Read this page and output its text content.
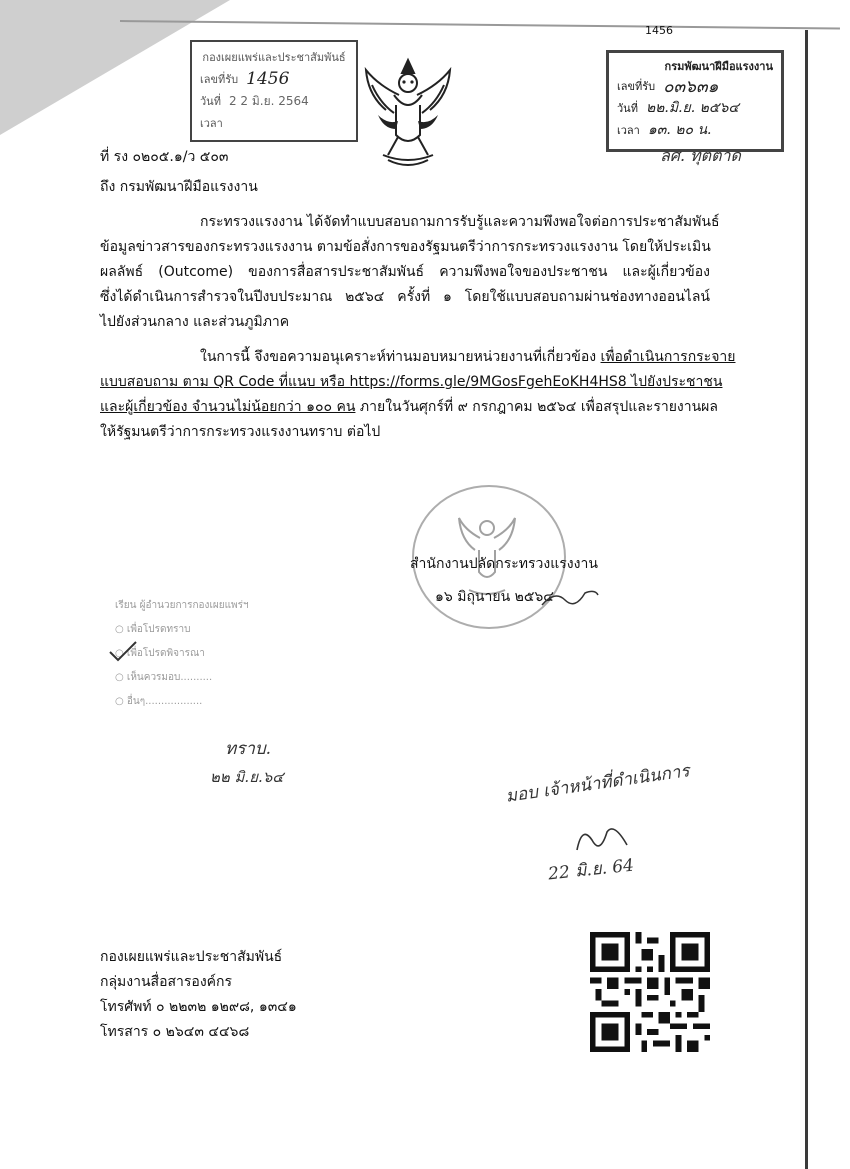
1456
กองเผยแพร่และประชาสัมพันธ์
เลขที่รับ 1456
วันที่ 2 2 มิ.ย. 2564
เวลา
กรมพัฒนาฝีมือแรงงาน
เลขที่รับ ๐๓๖๓๑
วันที่ ๒๒.มิ.ย. ๒๕๖๔
เวลา ๑๓. ๒๐ น.
ลศ. ทุตตาด
ที่ รง ๐๒๐๕.๑/ว ๕๐๓
ถึง กรมพัฒนาฝีมือแรงงาน
กระทรวงแรงงาน ได้จัดทำแบบสอบถามการรับรู้และความพึงพอใจต่อการประชาสัมพันธ์
ข้อมูลข่าวสารของกระทรวงแรงงาน ตามข้อสั่งการของรัฐมนตรีว่าการกระทรวงแรงงาน โดยให้ประเมิน
ผลลัพธ์ (Outcome) ของการสื่อสารประชาสัมพันธ์ ความพึงพอใจของประชาชน และผู้เกี่ยวข้อง
ซึ่งได้ดำเนินการสำรวจในปีงบประมาณ ๒๕๖๔ ครั้งที่ ๑ โดยใช้แบบสอบถามผ่านช่องทางออนไลน์
ไปยังส่วนกลาง และส่วนภูมิภาค
ในการนี้ จึงขอความอนุเคราะห์ท่านมอบหมายหน่วยงานที่เกี่ยวข้อง เพื่อดำเนินการกระจาย
แบบสอบถาม ตาม QR Code ที่แนบ หรือ https://forms.gle/9MGosFgehEoKH4HS8 ไปยังประชาชน
และผู้เกี่ยวข้อง จำนวนไม่น้อยกว่า ๑๐๐ คน ภายในวันศุกร์ที่ ๙ กรกฎาคม ๒๕๖๔ เพื่อสรุปและรายงานผล
ให้รัฐมนตรีว่าการกระทรวงแรงงานทราบ ต่อไป
สำนักงานปลัดกระทรวงแรงงาน
๑๖ มิถุนายน ๒๕๖๔
เรียน ผู้อำนวยการกองเผยแพร่ฯ
○ เพื่อโปรดทราบ
○ เพื่อโปรดพิจารณา
○ เห็นควรมอบ..........
○ อื่นๆ..................
ทราบ.
๒๒ มิ.ย.๖๔	มอบ เจ้าหน้าที่ดำเนินการ
22 มิ.ย. 64
กองเผยแพร่และประชาสัมพันธ์
กลุ่มงานสื่อสารองค์กร
โทรศัพท์ ๐ ๒๒๓๒ ๑๒๙๘, ๑๓๔๑
โทรสาร ๐ ๒๖๔๓ ๔๔๖๘
